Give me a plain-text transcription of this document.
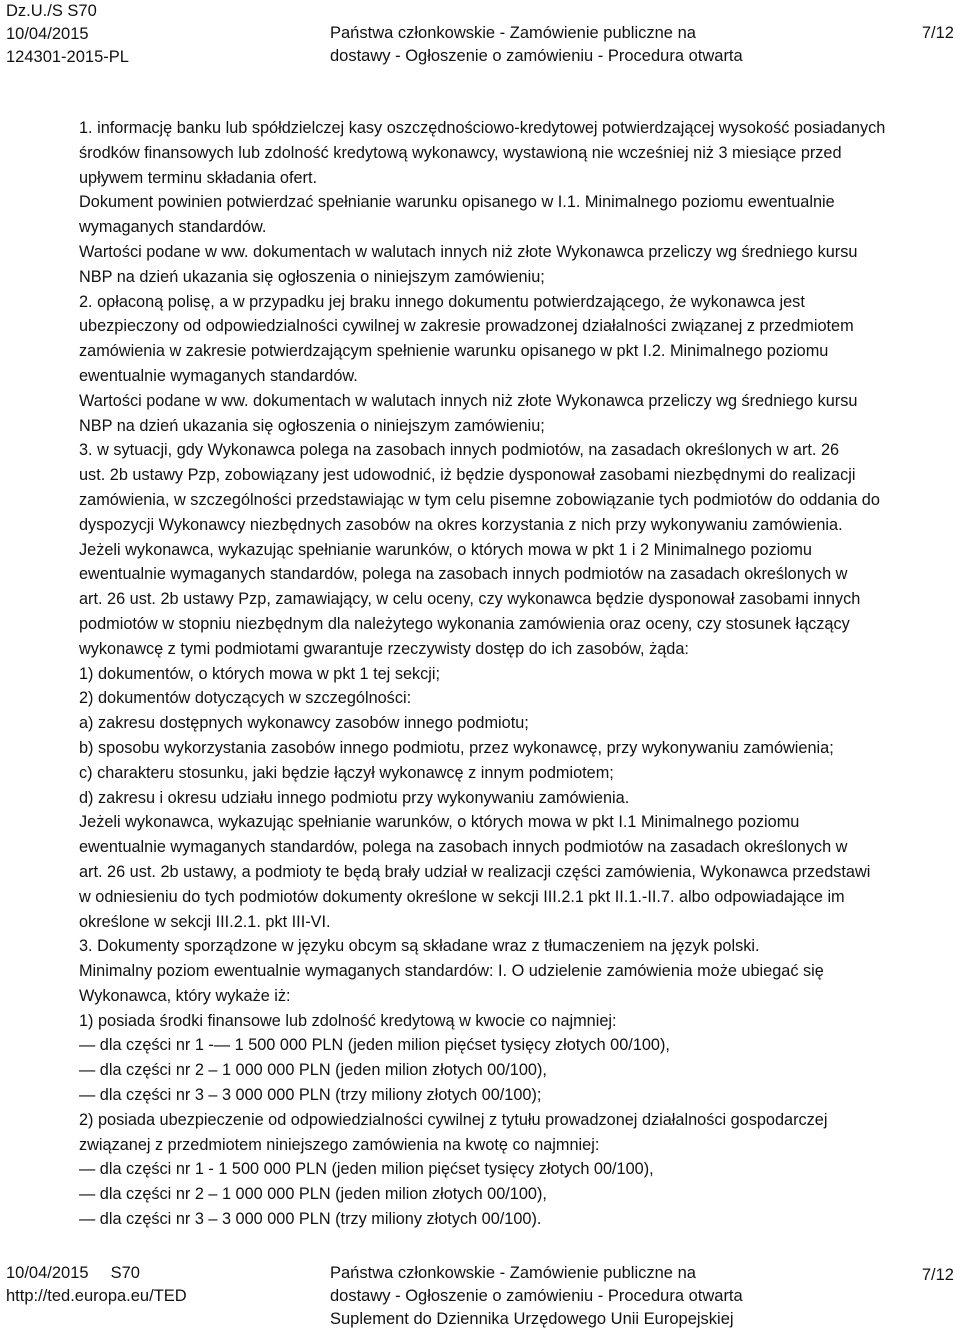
Dz.U./S S70
10/04/2015
124301-2015-PL
Państwa członkowskie - Zamówienie publiczne na
dostawy - Ogłoszenie o zamówieniu - Procedura otwarta
7/12
1. informację banku lub spółdzielczej kasy oszczędnościowo-kredytowej potwierdzającej wysokość posiadanych
środków finansowych lub zdolność kredytową wykonawcy, wystawioną nie wcześniej niż 3 miesiące przed
upływem terminu składania ofert.
Dokument powinien potwierdzać spełnianie warunku opisanego w I.1. Minimalnego poziomu ewentualnie
wymaganych standardów.
Wartości podane w ww. dokumentach w walutach innych niż złote Wykonawca przeliczy wg średniego kursu
NBP na dzień ukazania się ogłoszenia o niniejszym zamówieniu;
2. opłaconą polisę, a w przypadku jej braku innego dokumentu potwierdzającego, że wykonawca jest
ubezpieczony od odpowiedzialności cywilnej w zakresie prowadzonej działalności związanej z przedmiotem
zamówienia w zakresie potwierdzającym spełnienie warunku opisanego w pkt I.2. Minimalnego poziomu
ewentualnie wymaganych standardów.
Wartości podane w ww. dokumentach w walutach innych niż złote Wykonawca przeliczy wg średniego kursu
NBP na dzień ukazania się ogłoszenia o niniejszym zamówieniu;
3. w sytuacji, gdy Wykonawca polega na zasobach innych podmiotów, na zasadach określonych w art. 26
ust. 2b ustawy Pzp, zobowiązany jest udowodnić, iż będzie dysponował zasobami niezbędnymi do realizacji
zamówienia, w szczególności przedstawiając w tym celu pisemne zobowiązanie tych podmiotów do oddania do
dyspozycji Wykonawcy niezbędnych zasobów na okres korzystania z nich przy wykonywaniu zamówienia.
Jeżeli wykonawca, wykazując spełnianie warunków, o których mowa w pkt 1 i 2 Minimalnego poziomu
ewentualnie wymaganych standardów, polega na zasobach innych podmiotów na zasadach określonych w
art. 26 ust. 2b ustawy Pzp, zamawiający, w celu oceny, czy wykonawca będzie dysponował zasobami innych
podmiotów w stopniu niezbędnym dla należytego wykonania zamówienia oraz oceny, czy stosunek łączący
wykonawcę z tymi podmiotami gwarantuje rzeczywisty dostęp do ich zasobów, żąda:
1) dokumentów, o których mowa w pkt 1 tej sekcji;
2) dokumentów dotyczących w szczególności:
a) zakresu dostępnych wykonawcy zasobów innego podmiotu;
b) sposobu wykorzystania zasobów innego podmiotu, przez wykonawcę, przy wykonywaniu zamówienia;
c) charakteru stosunku, jaki będzie łączył wykonawcę z innym podmiotem;
d) zakresu i okresu udziału innego podmiotu przy wykonywaniu zamówienia.
Jeżeli wykonawca, wykazując spełnianie warunków, o których mowa w pkt I.1 Minimalnego poziomu
ewentualnie wymaganych standardów, polega na zasobach innych podmiotów na zasadach określonych w
art. 26 ust. 2b ustawy, a podmioty te będą brały udział w realizacji części zamówienia, Wykonawca przedstawi
w odniesieniu do tych podmiotów dokumenty określone w sekcji III.2.1 pkt II.1.-II.7. albo odpowiadające im
określone w sekcji III.2.1. pkt III-VI.
3. Dokumenty sporządzone w języku obcym są składane wraz z tłumaczeniem na język polski.
Minimalny poziom ewentualnie wymaganych standardów: I. O udzielenie zamówienia może ubiegać się
Wykonawca, który wykaże iż:
1) posiada środki finansowe lub zdolność kredytową w kwocie co najmniej:
— dla części nr 1 -— 1 500 000 PLN (jeden milion pięćset tysięcy złotych 00/100),
— dla części nr 2 – 1 000 000 PLN (jeden milion złotych 00/100),
— dla części nr 3 – 3 000 000 PLN (trzy miliony złotych 00/100);
2) posiada ubezpieczenie od odpowiedzialności cywilnej z tytułu prowadzonej działalności gospodarczej
związanej z przedmiotem niniejszego zamówienia na kwotę co najmniej:
— dla części nr 1 - 1 500 000 PLN (jeden milion pięćset tysięcy złotych 00/100),
— dla części nr 2 – 1 000 000 PLN (jeden milion złotych 00/100),
— dla części nr 3 – 3 000 000 PLN (trzy miliony złotych 00/100).
10/04/2015 S70
http://ted.europa.eu/TED
Państwa członkowskie - Zamówienie publiczne na
dostawy - Ogłoszenie o zamówieniu - Procedura otwarta
Suplement do Dziennika Urzędowego Unii Europejskiej
7/12
